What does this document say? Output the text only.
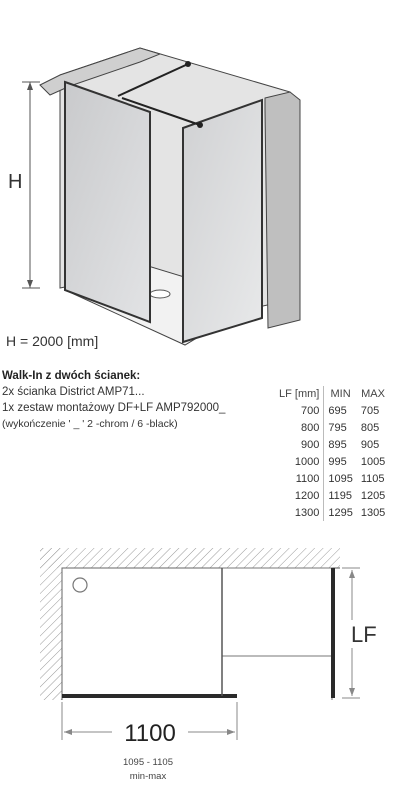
H
H = 2000 [mm]
Walk-In z dwóch ścianek:
2x ścianka District AMP71...
1x zestaw montażowy DF+LF AMP792000_
(wykończenie ' _ ' 2 -chrom / 6 -black)
LF [mm]	MIN	MAX
700	695	705
800	795	805
900	895	905
1000	995	1005
1100	1095	1105
1200	1195	1205
1300	1295	1305
LF
1100
1095 - 1105
min-max
